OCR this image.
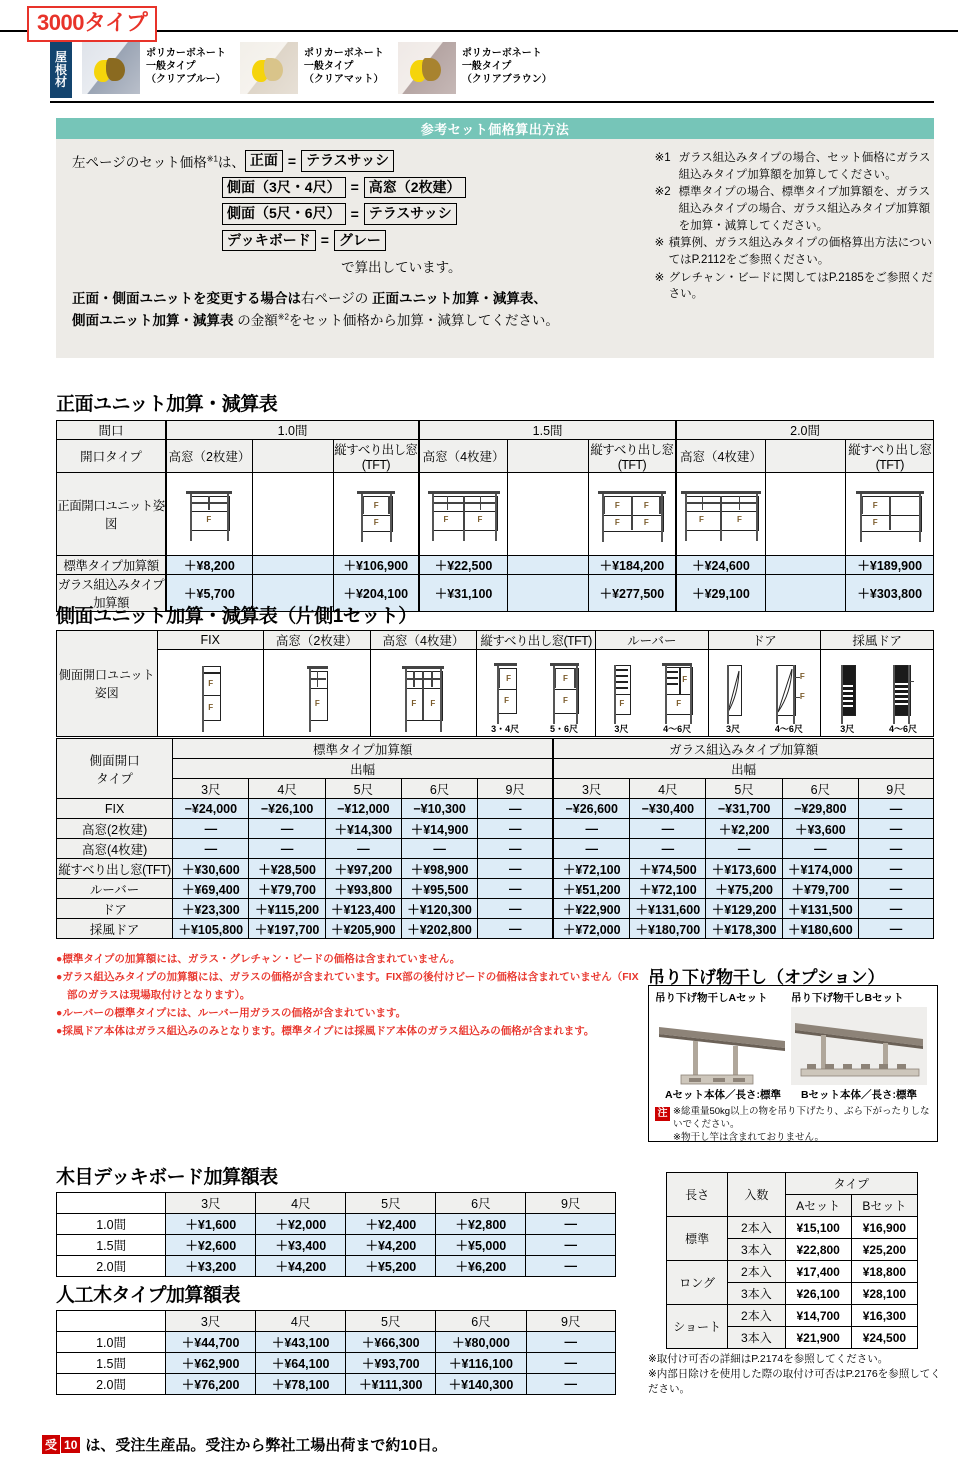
3000タイプ
屋
根
材
ポリカーボネート
一般タイプ
（クリアブルー）
ポリカーボネート
一般タイプ
（クリアマット）
ポリカーボネート
一般タイプ
（クリアブラウン）
参考セット価格算出方法
左ページのセット価格$^{※1}$は、 正面 = テラスサッシ
側面（3尺・4尺） = 高窓（2枚建）
側面（5尺・6尺） = テラスサッシ
デッキボード = グレー
で算出しています。
正面・側面ユニットを変更する場合は右ページの 正面ユニット加算・減算表、
側面ユニット加算・減算表 の金額$^{※2}$をセット価格から加算・減算してください。
※1 ガラス組込みタイプの場合、セット価格にガラス組込みタイプ加算額を加算してください。
※2 標準タイプの場合、標準タイプ加算額を、ガラス組込みタイプの場合、ガラス組込みタイプ加算額を加算・減算してください。
※ 積算例、ガラス組込みタイプの価格算出方法についてはP.2112をご参照ください。
※ グレチャン・ビードに関してはP.2185をご参照ください。
正面ユニット加算・減算表
間口	1.0間			1.5間			2.0間		
開口タイプ	高窓（2枚建）		縦すべり出し窓(TFT)	高窓（4枚建）		縦すべり出し窓(TFT)	高窓（4枚建）		縦すべり出し窓(TFT)
正面開口ユニット姿図	F

F
F	F	F

F	F
F	F	F	F

F
F

標準タイプ加算額	＋¥8,200		＋¥106,900	＋¥22,500		＋¥184,200	＋¥24,600		＋¥189,900
ガラス組込みタイプ加算額	＋¥5,700		＋¥204,100	＋¥31,100		＋¥277,500	＋¥29,100		＋¥303,800
側面ユニット加算・減算表（片側1セット）
側面開口ユニット
姿図	FIX	高窓（2枚建）	高窓（4枚建）	縦すべり出し窓(TFT)	ルーバー	ドア	採風ドア

F
F	F	F F

F
F
3・4尺
F
F
5・6尺

F
3尺
F
F
4〜6尺	3尺
F
F
4〜6尺	3尺	4〜6尺
側面開口
タイプ	標準タイプ加算額					ガラス組込みタイプ加算額				
	出幅					出幅				
	3尺	4尺	5尺	6尺	9尺	3尺	4尺	5尺	6尺	9尺
FIX	−¥24,000	−¥26,100	−¥12,000	−¥10,300	—	−¥26,600	−¥30,400	−¥31,700	−¥29,800	—
高窓(2枚建)	—	—	＋¥14,300	＋¥14,900	—	—	—	＋¥2,200	＋¥3,600	—
高窓(4枚建)	—	—	—	—	—	—	—	—	—	—
縦すべり出し窓(TFT)	＋¥30,600	＋¥28,500	＋¥97,200	＋¥98,900	—	＋¥72,100	＋¥74,500	＋¥173,600	＋¥174,000	—
ルーバー	＋¥69,400	＋¥79,700	＋¥93,800	＋¥95,500	—	＋¥51,200	＋¥72,100	＋¥75,200	＋¥79,700	—
ドア	＋¥23,300	＋¥115,200	＋¥123,400	＋¥120,300	—	＋¥22,900	＋¥131,600	＋¥129,200	＋¥131,500	—
採風ドア	＋¥105,800	＋¥197,700	＋¥205,900	＋¥202,800	—	＋¥72,000	＋¥180,700	＋¥178,300	＋¥180,600	—
●標準タイプの加算額には、ガラス・グレチャン・ビードの価格は含まれていません。
●ガラス組込みタイプの加算額には、ガラスの価格が含まれています。FIX部の後付けビードの価格は含まれていません（FIX
部のガラスは現場取付けとなります）。
●ルーバーの標準タイプには、ルーバー用ガラスの価格が含まれています。
●採風ドア本体はガラス組込みのみとなります。標準タイプには採風ドア本体のガラス組込みの価格が含まれます。
木目デッキボード加算額表
	3尺	4尺	5尺	6尺	9尺
1.0間	＋¥1,600	＋¥2,000	＋¥2,400	＋¥2,800	—
1.5間	＋¥2,600	＋¥3,400	＋¥4,200	＋¥5,000	—
2.0間	＋¥3,200	＋¥4,200	＋¥5,200	＋¥6,200	—
人工木タイプ加算額表
	3尺	4尺	5尺	6尺	9尺
1.0間	＋¥44,700	＋¥43,100	＋¥66,300	＋¥80,000	—
1.5間	＋¥62,900	＋¥64,100	＋¥93,700	＋¥116,100	—
2.0間	＋¥76,200	＋¥78,100	＋¥111,300	＋¥140,300	—
吊り下げ物干し（オプション）
吊り下げ物干しAセット
Aセット本体／長さ:標準
吊り下げ物干しBセット
Bセット本体／長さ:標準
注 ※総重量50kg以上の物を吊り下げたり、ぶら下がったりしないでください。
※物干し竿は含まれておりません。
長さ	入数	タイプ	
		Aセット	Bセット
標準	2本入	¥15,100	¥16,900
	3本入	¥22,800	¥25,200
ロング	2本入	¥17,400	¥18,800
	3本入	¥26,100	¥28,100
ショート	2本入	¥14,700	¥16,300
	3本入	¥21,900	¥24,500
※取付け可否の詳細はP.2174を参照してください。
※内部日除けを使用した際の取付け可否はP.2176を参照してください。
受 10 は、受注生産品。受注から弊社工場出荷まで約10日。
